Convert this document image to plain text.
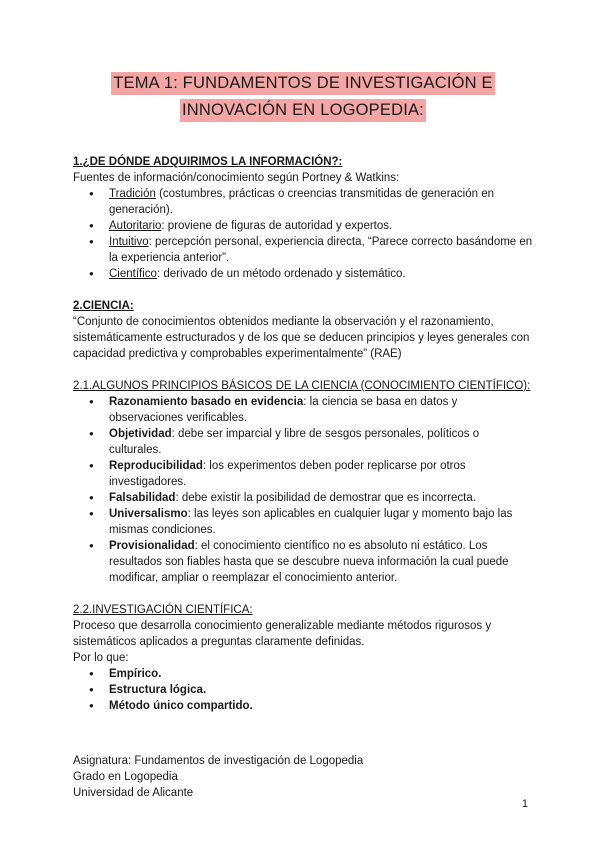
TEMA 1: FUNDAMENTOS DE INVESTIGACIÓN E
INNOVACIÓN EN LOGOPEDIA:
1.¿DE DÓNDE ADQUIRIMOS LA INFORMACIÓN?:
Fuentes de información/conocimiento según Portney & Watkins:
● Tradición (costumbres, prácticas o creencias transmitidas de generación en generación).
● Autoritario: proviene de figuras de autoridad y expertos.
● Intuitivo: percepción personal, experiencia directa, “Parece correcto basándome en la experiencia anterior”.
● Científico: derivado de un método ordenado y sistemático.
2.CIENCIA:
“Conjunto de conocimientos obtenidos mediante la observación y el razonamiento, sistemáticamente estructurados y de los que se deducen principios y leyes generales con capacidad predictiva y comprobables experimentalmente” (RAE)
2.1.ALGUNOS PRINCIPIOS BÁSICOS DE LA CIENCIA (CONOCIMIENTO CIENTÍFICO):
● Razonamiento basado en evidencia: la ciencia se basa en datos y observaciones verificables.
● Objetividad: debe ser imparcial y libre de sesgos personales, políticos o culturales.
● Reproducibilidad: los experimentos deben poder replicarse por otros investigadores.
● Falsabilidad: debe existir la posibilidad de demostrar que es incorrecta.
● Universalismo: las leyes son aplicables en cualquier lugar y momento bajo las mismas condiciones.
● Provisionalidad: el conocimiento científico no es absoluto ni estático. Los resultados son fiables hasta que se descubre nueva información la cual puede modificar, ampliar o reemplazar el conocimiento anterior.
2.2.INVESTIGACIÓN CIENTÍFICA:
Proceso que desarrolla conocimiento generalizable mediante métodos rigurosos y sistemáticos aplicados a preguntas claramente definidas.
Por lo que:
● Empírico.
● Estructura lógica.
● Método único compartido.
Asignatura: Fundamentos de investigación de Logopedia
Grado en Logopedia
Universidad de Alicante
1
